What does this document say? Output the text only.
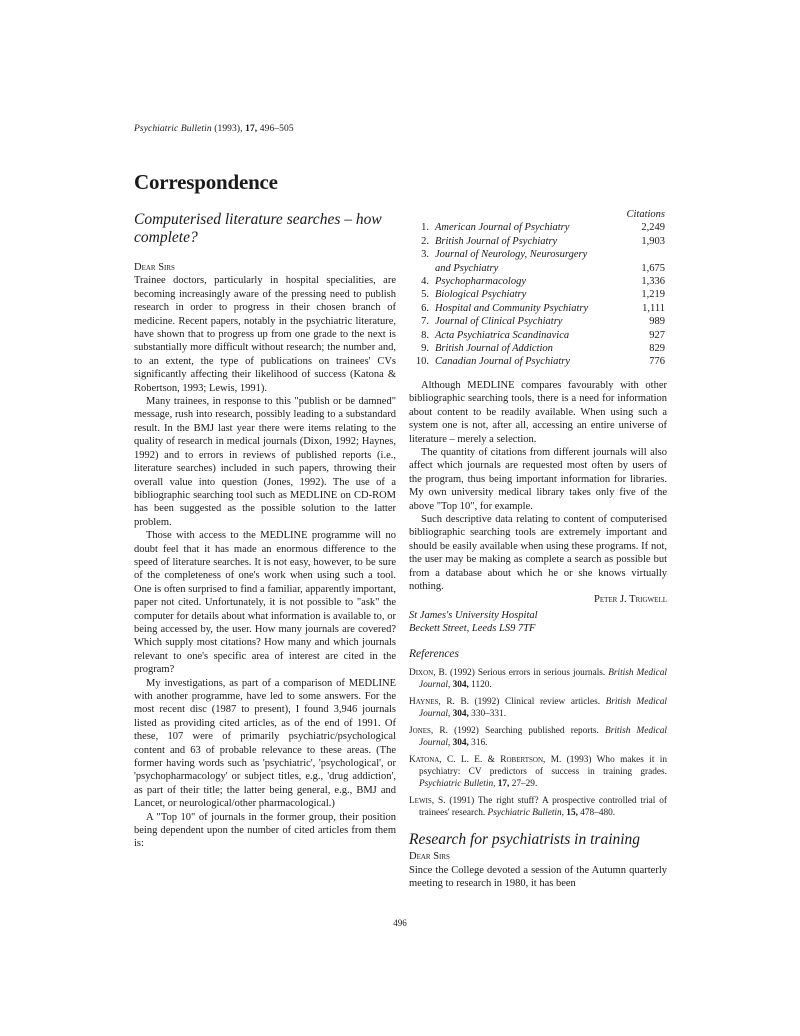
Psychiatric Bulletin (1993), 17, 496–505
Correspondence
Computerised literature searches – how complete?

Dear Sirs

Trainee doctors, particularly in hospital specialities, are becoming increasingly aware of the pressing need to publish research in order to progress in their chosen branch of medicine. Recent papers, notably in the psychiatric literature, have shown that to progress up from one grade to the next is substantially more difficult without research; the number and, to an extent, the type of publications on trainees' CVs significantly affecting their likelihood of success (Katona & Robertson, 1993; Lewis, 1991).

Many trainees, in response to this "publish or be damned" message, rush into research, possibly leading to a substandard result. In the BMJ last year there were items relating to the quality of research in medical journals (Dixon, 1992; Haynes, 1992) and to errors in reviews of published reports (i.e., literature searches) included in such papers, throwing their overall value into question (Jones, 1992). The use of a bibliographic searching tool such as MEDLINE on CD-ROM has been suggested as the possible solution to the latter problem.

Those with access to the MEDLINE programme will no doubt feel that it has made an enormous difference to the speed of literature searches. It is not easy, however, to be sure of the completeness of one's work when using such a tool. One is often surprised to find a familiar, apparently important, paper not cited. Unfortunately, it is not possible to "ask" the computer for details about what information is available to, or being accessed by, the user. How many journals are covered? Which supply most citations? How many and which journals relevant to one's specific area of interest are cited in the program?

My investigations, as part of a comparison of MEDLINE with another programme, have led to some answers. For the most recent disc (1987 to present), I found 3,946 journals listed as providing cited articles, as of the end of 1991. Of these, 107 were of primarily psychiatric/psychological content and 63 of probable relevance to these areas. (The former having words such as 'psychiatric', 'psychological', or 'psychopharmacology' or subject titles, e.g., 'drug addiction', as part of their title; the latter being general, e.g., BMJ and Lancet, or neurological/other pharmacological.)

A "Top 10" of journals in the former group, their position being dependent upon the number of cited articles from them is:

Citations
1. American Journal of Psychiatry	2,249
2. British Journal of Psychiatry	1,903
3. Journal of Neurology, Neurosurgery
and Psychiatry	1,675
4. Psychopharmacology	1,336
5. Biological Psychiatry	1,219
6. Hospital and Community Psychiatry	1,111
7. Journal of Clinical Psychiatry	989
8. Acta Psychiatrica Scandinavica	927
9. British Journal of Addiction	829
10. Canadian Journal of Psychiatry	776

Although MEDLINE compares favourably with other bibliographic searching tools, there is a need for information about content to be readily available. When using such a system one is not, after all, accessing an entire universe of literature – merely a selection.

The quantity of citations from different journals will also affect which journals are requested most often by users of the program, thus being important information for libraries. My own university medical library takes only five of the above "Top 10", for example.

Such descriptive data relating to content of computerised bibliographic searching tools are extremely important and should be easily available when using these programs. If not, the user may be making as complete a search as possible but from a database about which he or she knows virtually nothing.

Peter J. Trigwell

St James's University Hospital

Beckett Street, Leeds LS9 7TF

References

Dixon, B. (1992) Serious errors in serious journals. British Medical Journal, 304, 1120.

Haynes, R. B. (1992) Clinical review articles. British Medical Journal, 304, 330–331.

Jones, R. (1992) Searching published reports. British Medical Journal, 304, 316.

Katona, C. L. E. & Robertson, M. (1993) Who makes it in psychiatry: CV predictors of success in training grades. Psychiatric Bulletin, 17, 27–29.

Lewis, S. (1991) The right stuff? A prospective controlled trial of trainees' research. Psychiatric Bulletin, 15, 478–480.

Research for psychiatrists in training

Dear Sirs

Since the College devoted a session of the Autumn quarterly meeting to research in 1980, it has been

496
